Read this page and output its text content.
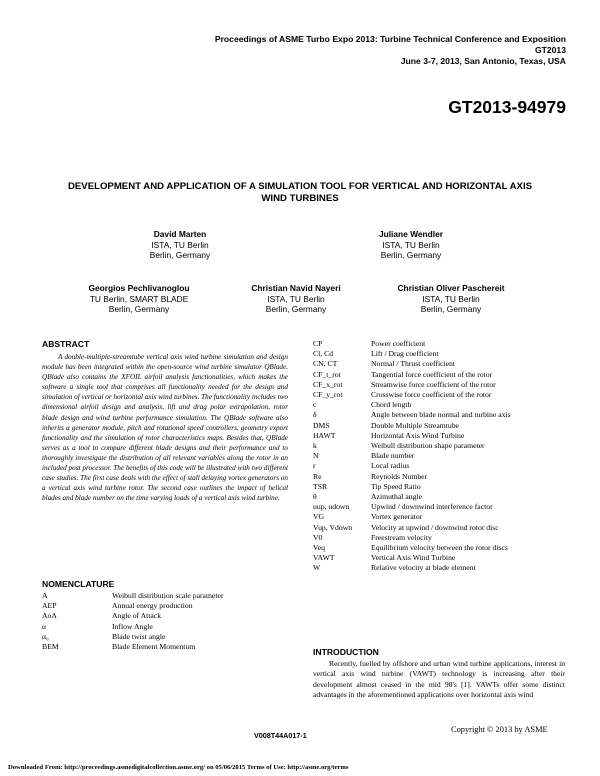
Proceedings of ASME Turbo Expo 2013: Turbine Technical Conference and Exposition
GT2013
June 3-7, 2013, San Antonio, Texas, USA
GT2013-94979
DEVELOPMENT AND APPLICATION OF A SIMULATION TOOL FOR VERTICAL AND HORIZONTAL AXIS WIND TURBINES
David Marten
ISTA, TU Berlin
Berlin, Germany
Juliane Wendler
ISTA, TU Berlin
Berlin, Germany
Georgios Pechlivanoglou
TU Berlin, SMART BLADE
Berlin, Germany
Christian Navid Nayeri
ISTA, TU Berlin
Berlin, Germany
Christian Oliver Paschereit
ISTA, TU Berlin
Berlin, Germany
ABSTRACT
A double-multiple-streamtube vertical axis wind turbine simulation and design module has been integrated within the open-source wind turbine simulator QBlade. QBlade also contains the XFOIL airfoil analysis functionalities, which makes the software a single tool that comprises all functionality needed for the design and simulation of vertical or horizontal axis wind turbines. The functionality includes two dimensional airfoil design and analysis, lift and drag polar extrapolation, rotor blade design and wind turbine performance simulation. The QBlade software also inherits a generator module, pitch and rotational speed controllers, geometry export functionality and the simulation of rotor characteristics maps. Besides that, QBlade serves as a tool to compare different blade designs and their performance and to thoroughly investigate the distribution of all relevant variables along the rotor in an included post processor. The benefits of this code will be illustrated with two different case studies. The first case deals with the effect of stall delaying vortex generators on a vertical axis wind turbine rotor. The second case outlines the impact of helical blades and blade number on the time varying loads of a vertical axis wind turbine.
NOMENCLATURE
A	Weibull distribution scale parameter
AEP	Annual energy production
AoA	Angle of Attack
α	Inflow Angle
α₀	Blade twist angle
BEM	Blade Element Momentum
CP	Power coefficient
Cl, Cd	Lift / Drag coefficient
CN, CT	Normal / Thrust coefficient
CF_t_rot	Tangential force coefficient of the rotor
CF_x_rot	Streamwise force coefficient of the rotor
CF_y_rot	Crosswise force coefficient of the rotor
c	Chord length
δ	Angle between blade normal and turbine axis
DMS	Double Multiple Streamtube
HAWT	Horizontal Axis Wind Turbine
k	Weibull distribution shape parameter
N	Blade number
r	Local radius
Re	Reynolds Number
TSR	Tip Speed Ratio
θ	Azimuthal angle
uup, udown	Upwind / downwind interference factor
VG	Vortex generator
Vup, Vdown	Velocity at upwind / downwind rotor disc
V0	Freestream velocity
Veq	Equilibrium velocity between the rotor discs
VAWT	Vertical Axis Wind Turbine
W	Relative velocity at blade element
INTRODUCTION
Recently, fuelled by offshore and urban wind turbine applications, interest in vertical axis wind turbine (VAWT) technology is increasing after their development almost ceased in the mid 90's [1]. VAWTs offer some distinct advantages in the aforementioned applications over horizontal axis wind
V008T44A017-1
Copyright © 2013 by ASME
Downloaded From: http://proceedings.asmedigitalcollection.asme.org/ on 05/06/2015 Terms of Use: http://asme.org/terms
